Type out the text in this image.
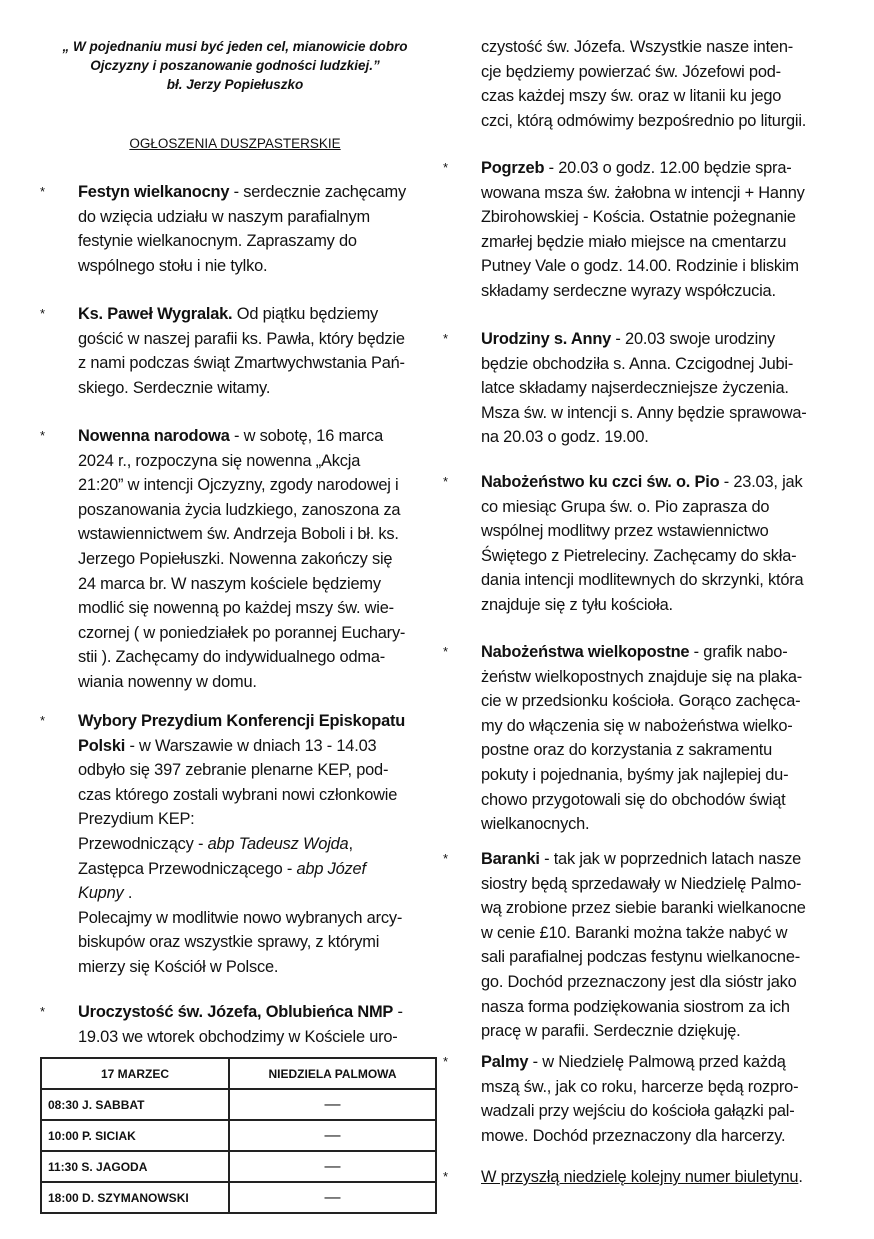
„ W pojednaniu musi być jeden cel, mianowicie dobro
Ojczyzny i poszanowanie godności ludzkiej.”
bł. Jerzy Popiełuszko
OGŁOSZENIA DUSZPASTERSKIE
*	Festyn wielkanocny - serdecznie zachęcamy
do wzięcia udziału w naszym parafialnym
festynie wielkanocnym. Zapraszamy do
wspólnego stołu i nie tylko.
*	Ks. Paweł Wygralak. Od piątku będziemy
gościć w naszej parafii ks. Pawła, który będzie
z nami podczas świąt Zmartwychwstania Pań-
skiego. Serdecznie witamy.
*	Nowenna narodowa - w sobotę, 16 marca
2024 r., rozpoczyna się nowenna „Akcja
21:20” w intencji Ojczyzny, zgody narodowej i
poszanowania życia ludzkiego, zanoszona za
wstawiennictwem św. Andrzeja Boboli i bł. ks.
Jerzego Popiełuszki. Nowenna zakończy się
24 marca br. W naszym kościele będziemy
modlić się nowenną po każdej mszy św. wie-
czornej ( w poniedziałek po porannej Euchary-
stii ). Zachęcamy do indywidualnego odma-
wiania nowenny w domu.
*	Wybory Prezydium Konferencji Episkopatu
Polski - w Warszawie w dniach 13 - 14.03
odbyło się 397 zebranie plenarne KEP, pod-
czas którego zostali wybrani nowi członkowie
Prezydium KEP:
Przewodniczący - abp Tadeusz Wojda,
Zastępca Przewodniczącego - abp Józef
Kupny .
Polecajmy w modlitwie nowo wybranych arcy-
biskupów oraz wszystkie sprawy, z którymi
mierzy się Kościół w Polsce.
*	Uroczystość św. Józefa, Oblubieńca NMP -
19.03 we wtorek obchodzimy w Kościele uro-
17 MARZEC	NIEDZIELA PALMOWA
08:30 J. SABBAT	—
10:00 P. SICIAK	—
11:30 S. JAGODA	—
18:00 D. SZYMANOWSKI	—
czystość św. Józefa. Wszystkie nasze inten-
cje będziemy powierzać św. Józefowi pod-
czas każdej mszy św. oraz w litanii ku jego
czci, którą odmówimy bezpośrednio po liturgii.
*	Pogrzeb - 20.03 o godz. 12.00 będzie spra-
wowana msza św. żałobna w intencji + Hanny
Zbirohowskiej - Kościa. Ostatnie pożegnanie
zmarłej będzie miało miejsce na cmentarzu
Putney Vale o godz. 14.00. Rodzinie i bliskim
składamy serdeczne wyrazy współczucia.
*	Urodziny s. Anny - 20.03 swoje urodziny
będzie obchodziła s. Anna. Czcigodnej Jubi-
latce składamy najserdeczniejsze życzenia.
Msza św. w intencji s. Anny będzie sprawowa-
na 20.03 o godz. 19.00.
*	Nabożeństwo ku czci św. o. Pio - 23.03, jak
co miesiąc Grupa św. o. Pio zaprasza do
wspólnej modlitwy przez wstawiennictwo
Świętego z Pietreleciny. Zachęcamy do skła-
dania intencji modlitewnych do skrzynki, która
znajduje się z tyłu kościoła.
*	Nabożeństwa wielkopostne - grafik nabo-
żeństw wielkopostnych znajduje się na plaka-
cie w przedsionku kościoła. Gorąco zachęca-
my do włączenia się w nabożeństwa wielko-
postne oraz do korzystania z sakramentu
pokuty i pojednania, byśmy jak najlepiej du-
chowo przygotowali się do obchodów świąt
wielkanocnych.
*	Baranki - tak jak w poprzednich latach nasze
siostry będą sprzedawały w Niedzielę Palmo-
wą zrobione przez siebie baranki wielkanocne
w cenie £10. Baranki można także nabyć w
sali parafialnej podczas festynu wielkanocne-
go. Dochód przeznaczony jest dla sióstr jako
nasza forma podziękowania siostrom za ich
pracę w parafii. Serdecznie dziękuję.
*	Palmy - w Niedzielę Palmową przed każdą
mszą św., jak co roku, harcerze będą rozpro-
wadzali przy wejściu do kościoła gałązki pal-
mowe. Dochód przeznaczony dla harcerzy.
*	W przyszłą niedzielę kolejny numer biuletynu.
